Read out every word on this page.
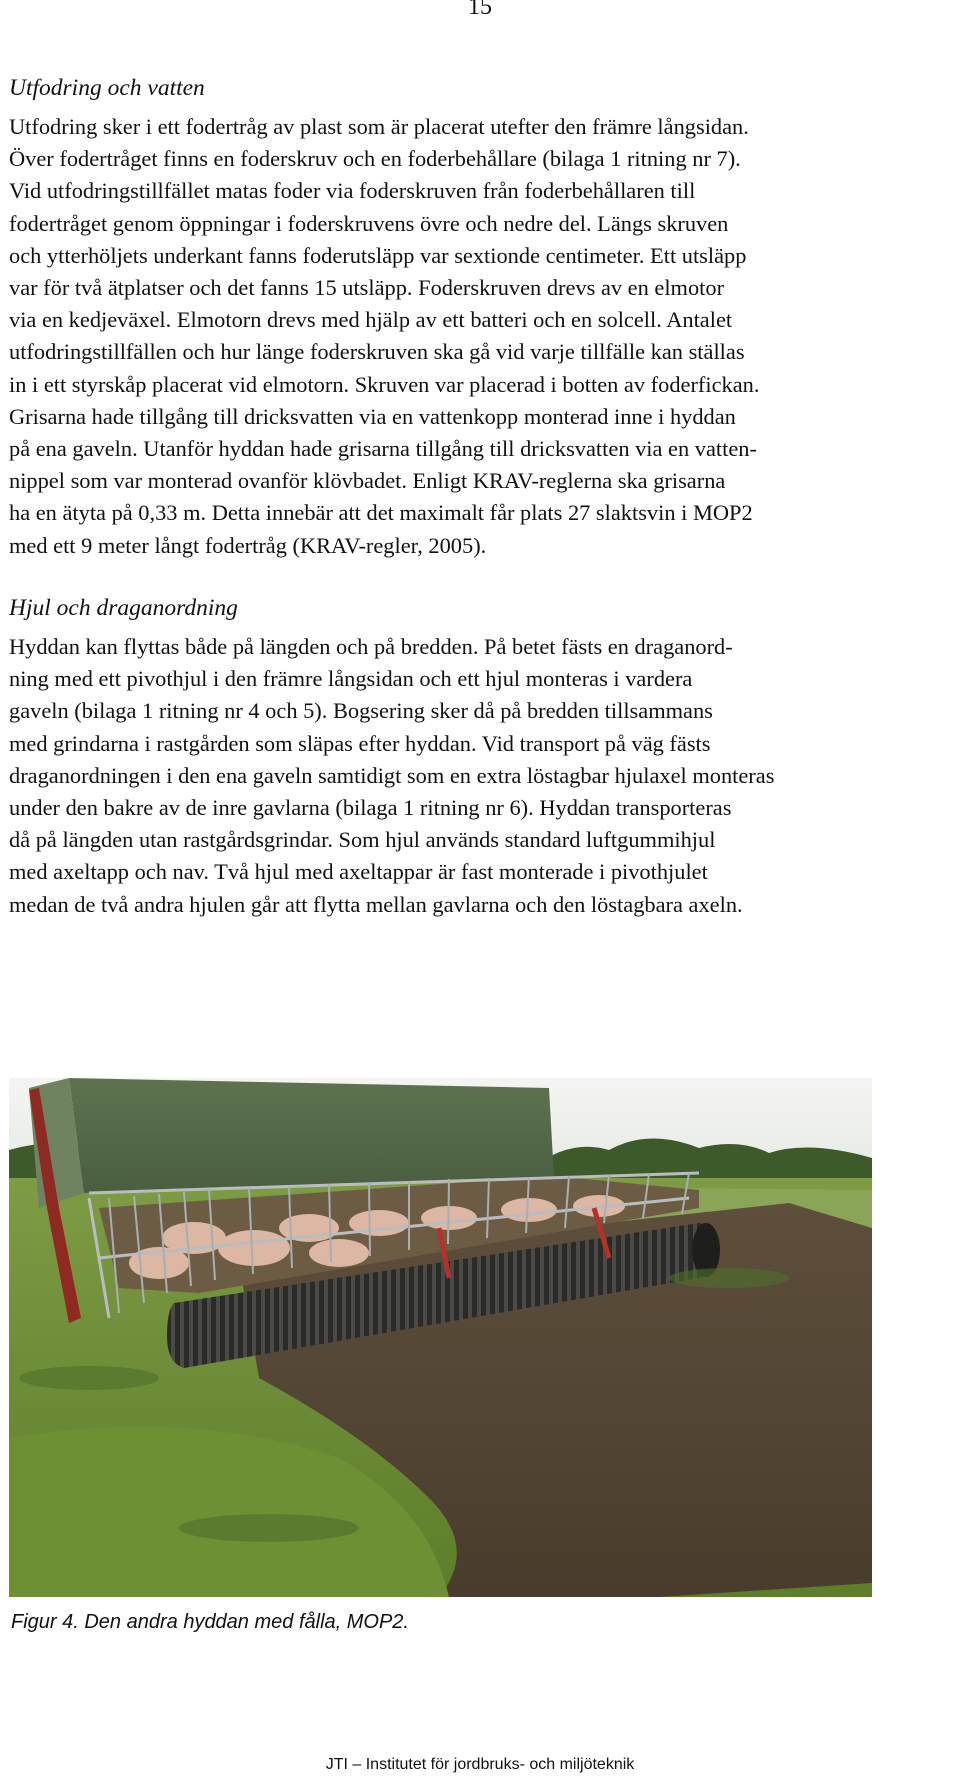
15
Utfodring och vatten

Utfodring sker i ett fodertråg av plast som är placerat utefter den främre långsidan.
Över fodertråget finns en foderskruv och en foderbehållare (bilaga 1 ritning nr 7).
Vid utfodringstillfället matas foder via foderskruven från foderbehållaren till
fodertråget genom öppningar i foderskruvens övre och nedre del. Längs skruven
och ytterhöljets underkant fanns foderutsläpp var sextionde centimeter. Ett utsläpp
var för två ätplatser och det fanns 15 utsläpp. Foderskruven drevs av en elmotor
via en kedjeväxel. Elmotorn drevs med hjälp av ett batteri och en solcell. Antalet
utfodringstillfällen och hur länge foderskruven ska gå vid varje tillfälle kan ställas
in i ett styrskåp placerat vid elmotorn. Skruven var placerad i botten av foderfickan.
Grisarna hade tillgång till dricksvatten via en vattenkopp monterad inne i hyddan
på ena gaveln. Utanför hyddan hade grisarna tillgång till dricksvatten via en vatten-
nippel som var monterad ovanför klövbadet. Enligt KRAV-reglerna ska grisarna
ha en ätyta på 0,33 m. Detta innebär att det maximalt får plats 27 slaktsvin i MOP2
med ett 9 meter långt fodertråg (KRAV-regler, 2005).

Hjul och draganordning

Hyddan kan flyttas både på längden och på bredden. På betet fästs en draganord-
ning med ett pivothjul i den främre långsidan och ett hjul monteras i vardera
gaveln (bilaga 1 ritning nr 4 och 5). Bogsering sker då på bredden tillsammans
med grindarna i rastgården som släpas efter hyddan. Vid transport på väg fästs
draganordningen i den ena gaveln samtidigt som en extra löstagbar hjulaxel monteras
under den bakre av de inre gavlarna (bilaga 1 ritning nr 6). Hyddan transporteras
då på längden utan rastgårdsgrindar. Som hjul används standard luftgummihjul
med axeltapp och nav. Två hjul med axeltappar är fast monterade i pivothjulet
medan de två andra hjulen går att flytta mellan gavlarna och den löstagbara axeln.

Figur 4. Den andra hyddan med fålla, MOP2.

JTI – Institutet för jordbruks- och miljöteknik
